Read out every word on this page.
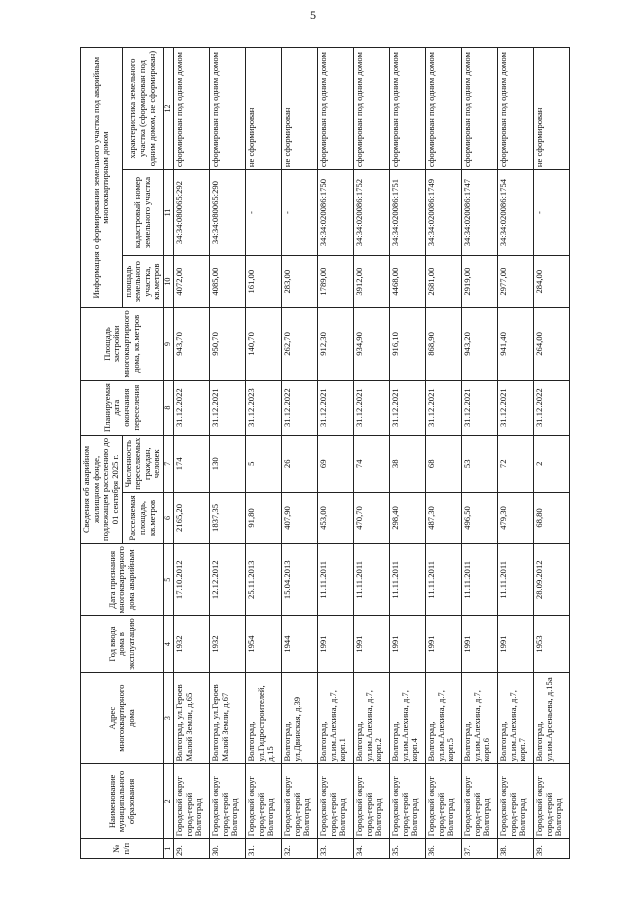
№ п/п	Наименование муниципального образования	Адрес многоквартирного дома	Год ввода дома в эксплуатацию	Дата признания многоквартирного дома аварийным	Сведения об аварийном жилищном фонде, подлежащем расселению до 01 сентября 2025 г.		Планируемая дата окончания переселения	Площадь застройки многоквартирного дома, кв.метров	Информация о формировании земельного участка под аварийным многоквартирным домом		
					Расселяемая площадь, кв.метров	Численность переселяемых граждан, человек			площадь земельного участка, кв.метров	кадастровый номер земельного участка	характеристика земельного участка (сформирован под одним домом, не сформирован)
1	2	3	4	5	6	7	8	9	10	11	12
29.	Городской округ город-герой Волгоград	Волгоград, ул.Героев Малой Земли, д.65	1932	17.10.2012	2165,20	174	31.12.2022	943,70	4072,00	34:34:080065:292	сформирован под одним домом
30.	Городской округ город-герой Волгоград	Волгоград, ул.Героев Малой Земли, д.67	1932	12.12.2012	1837,35	130	31.12.2021	950,70	4085,00	34:34:080065:290	сформирован под одним домом
31.	Городской округ город-герой Волгоград	Волгоград, ул.Гидростроителей, д.15	1954	25.11.2013	91,80	5	31.12.2023	140,70	161,00	-	не сформирован
32.	Городской округ город-герой Волгоград	Волгоград, ул.Двинская, д.39	1944	15.04.2013	407,90	26	31.12.2022	262,70	283,00	-	не сформирован
33.	Городской округ город-герой Волгоград	Волгоград, ул.им.Алехина, д.7, корп.1	1991	11.11.2011	453,00	69	31.12.2021	912,30	1789,00	34:34:020086:1750	сформирован под одним домом
34.	Городской округ город-герой Волгоград	Волгоград, ул.им.Алехина, д.7, корп.2	1991	11.11.2011	470,70	74	31.12.2021	934,90	3912,00	34:34:020086:1752	сформирован под одним домом
35.	Городской округ город-герой Волгоград	Волгоград, ул.им.Алехина, д.7, корп.4	1991	11.11.2011	298,40	38	31.12.2021	916,10	4468,00	34:34:020086:1751	сформирован под одним домом
36.	Городской округ город-герой Волгоград	Волгоград, ул.им.Алехина, д.7, корп.5	1991	11.11.2011	487,30	68	31.12.2021	868,90	2681,00	34:34:020086:1749	сформирован под одним домом
37.	Городской округ город-герой Волгоград	Волгоград, ул.им.Алехина, д.7, корп.6	1991	11.11.2011	496,50	53	31.12.2021	943,20	2919,00	34:34:020086:1747	сформирован под одним домом
38.	Городской округ город-герой Волгоград	Волгоград, ул.им.Алехина, д.7, корп.7	1991	11.11.2011	479,30	72	31.12.2021	941,40	2977,00	34:34:020086:1754	сформирован под одним домом
39.	Городской округ город-герой Волгоград	Волгоград, ул.им.Арсеньева, д.15а	1953	28.09.2012	68,80	2	31.12.2022	264,00	284,00	-	не сформирован
5
